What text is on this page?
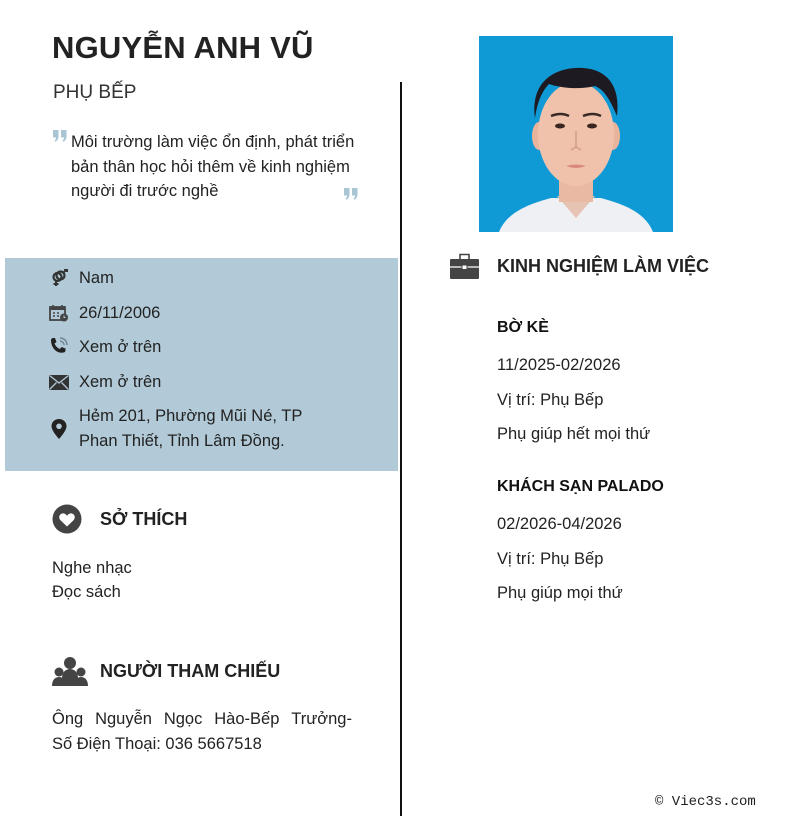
NGUYỄN ANH VŨ
PHỤ BẾP

Môi trường làm việc ổn định, phát triển bản thân học hỏi thêm về kinh nghiệm người đi trước nghề

Nam
26/11/2006
Xem ở trên
Xem ở trên
Hẻm 201, Phường Mũi Né, TP Phan Thiết, Tỉnh Lâm Đồng.
SỞ THÍCH
Nghe nhạc
Đọc sách
NGƯỜI THAM CHIẾU
Ông Nguyễn Ngọc Hào-Bếp Trưởng-
Số Điện Thoại: 036 5667518
KINH NGHIỆM LÀM VIỆC
BỜ KÈ
11/2025-02/2026
Vị trí: Phụ Bếp
Phụ giúp hết mọi thứ
KHÁCH SẠN PALADO
02/2026-04/2026
Vị trí: Phụ Bếp
Phụ giúp mọi thứ
© Viec3s.com
